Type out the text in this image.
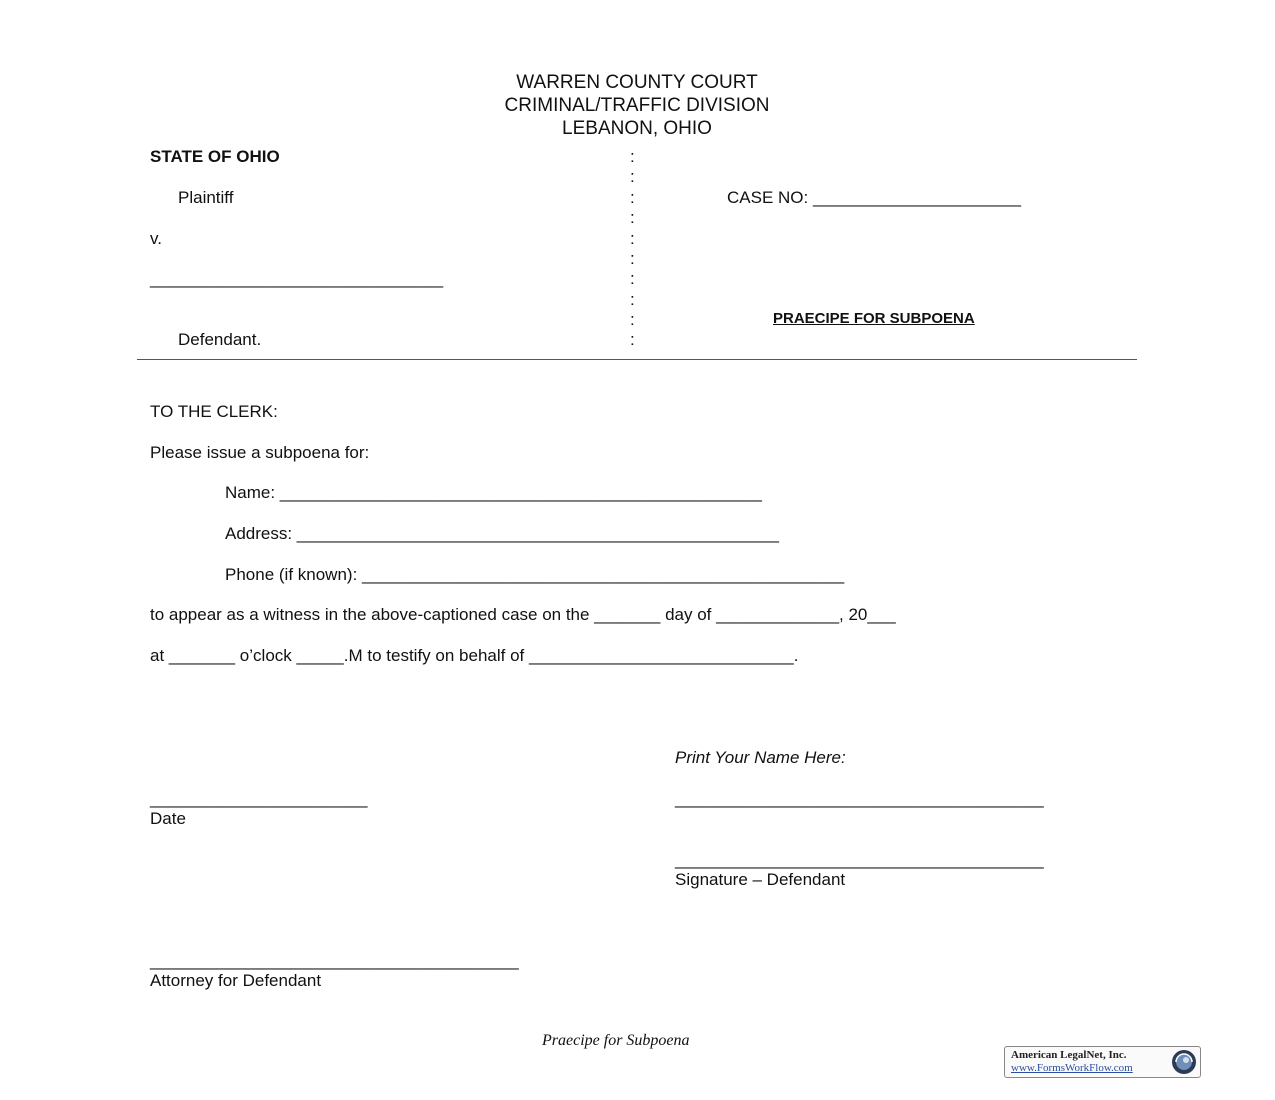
WARREN COUNTY COURT
CRIMINAL/TRAFFIC DIVISION
LEBANON, OHIO
STATE OF OHIO
Plaintiff
v.
_______________________________
Defendant.
:
:
:
:
:
:
:
:
:
:
CASE NO: ______________________
PRAECIPE FOR SUBPOENA
TO THE CLERK:
Please issue a subpoena for:
Name: ___________________________________________________
Address: ___________________________________________________
Phone (if known): ___________________________________________________
to appear as a witness in the above-captioned case on the _______ day of _____________, 20___
at _______ o’clock _____.M to testify on behalf of ____________________________.
Print Your Name Here:
_______________________
Date
_______________________________________
_______________________________________
Signature – Defendant
_______________________________________
Attorney for Defendant
Praecipe for Subpoena
American LegalNet, Inc.
www.FormsWorkFlow.com
